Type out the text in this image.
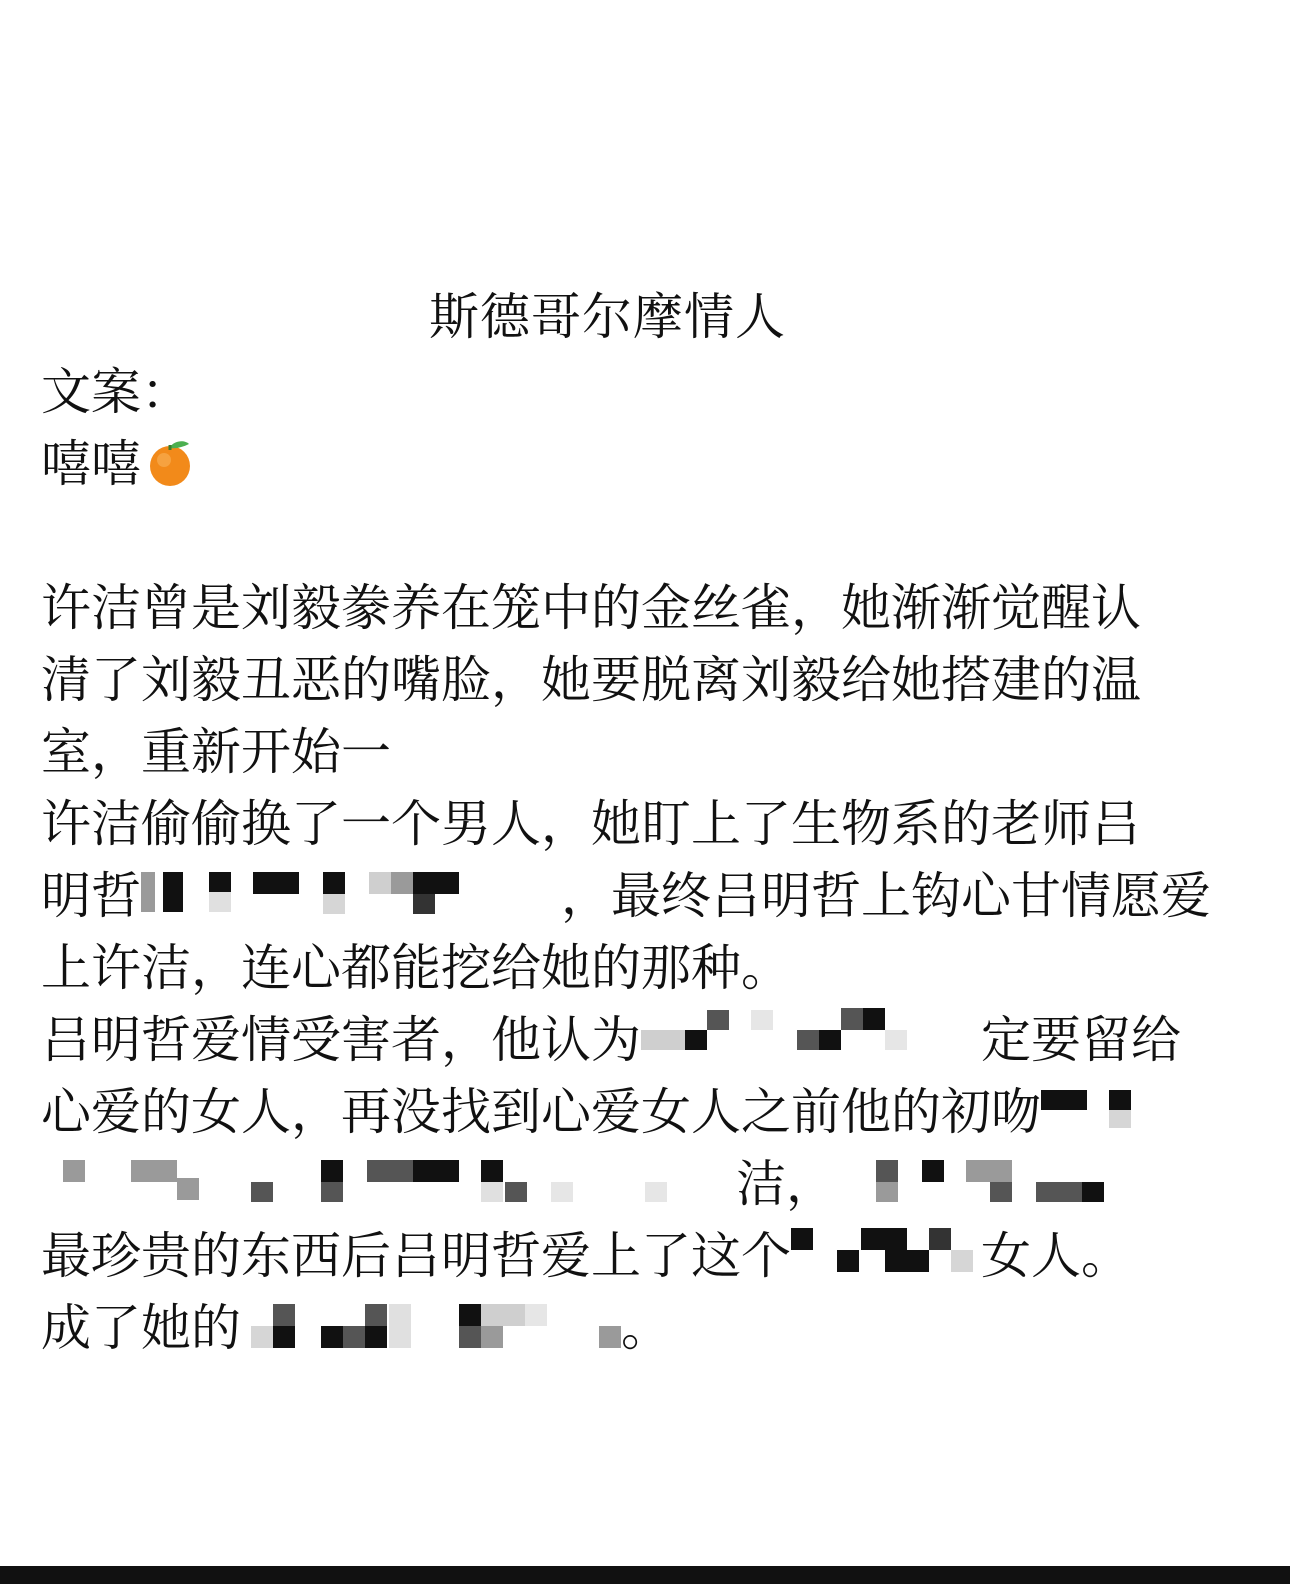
斯德哥尔摩情人
文案：
嘻嘻
许洁曾是刘毅豢养在笼中的金丝雀，她渐渐觉醒认
清了刘毅丑恶的嘴脸，她要脱离刘毅给她搭建的温
室，重新开始一
许洁偷偷换了一个男人，她盯上了生物系的老师吕
明哲	，最终吕明哲上钩心甘情愿爱
上许洁，连心都能挖给她的那种。
吕明哲爱情受害者，他认为	定要留给
心爱的女人，再没找到心爱女人之前他的初吻
洁，
最珍贵的东西后吕明哲爱上了这个	女人。
成了她的	。
